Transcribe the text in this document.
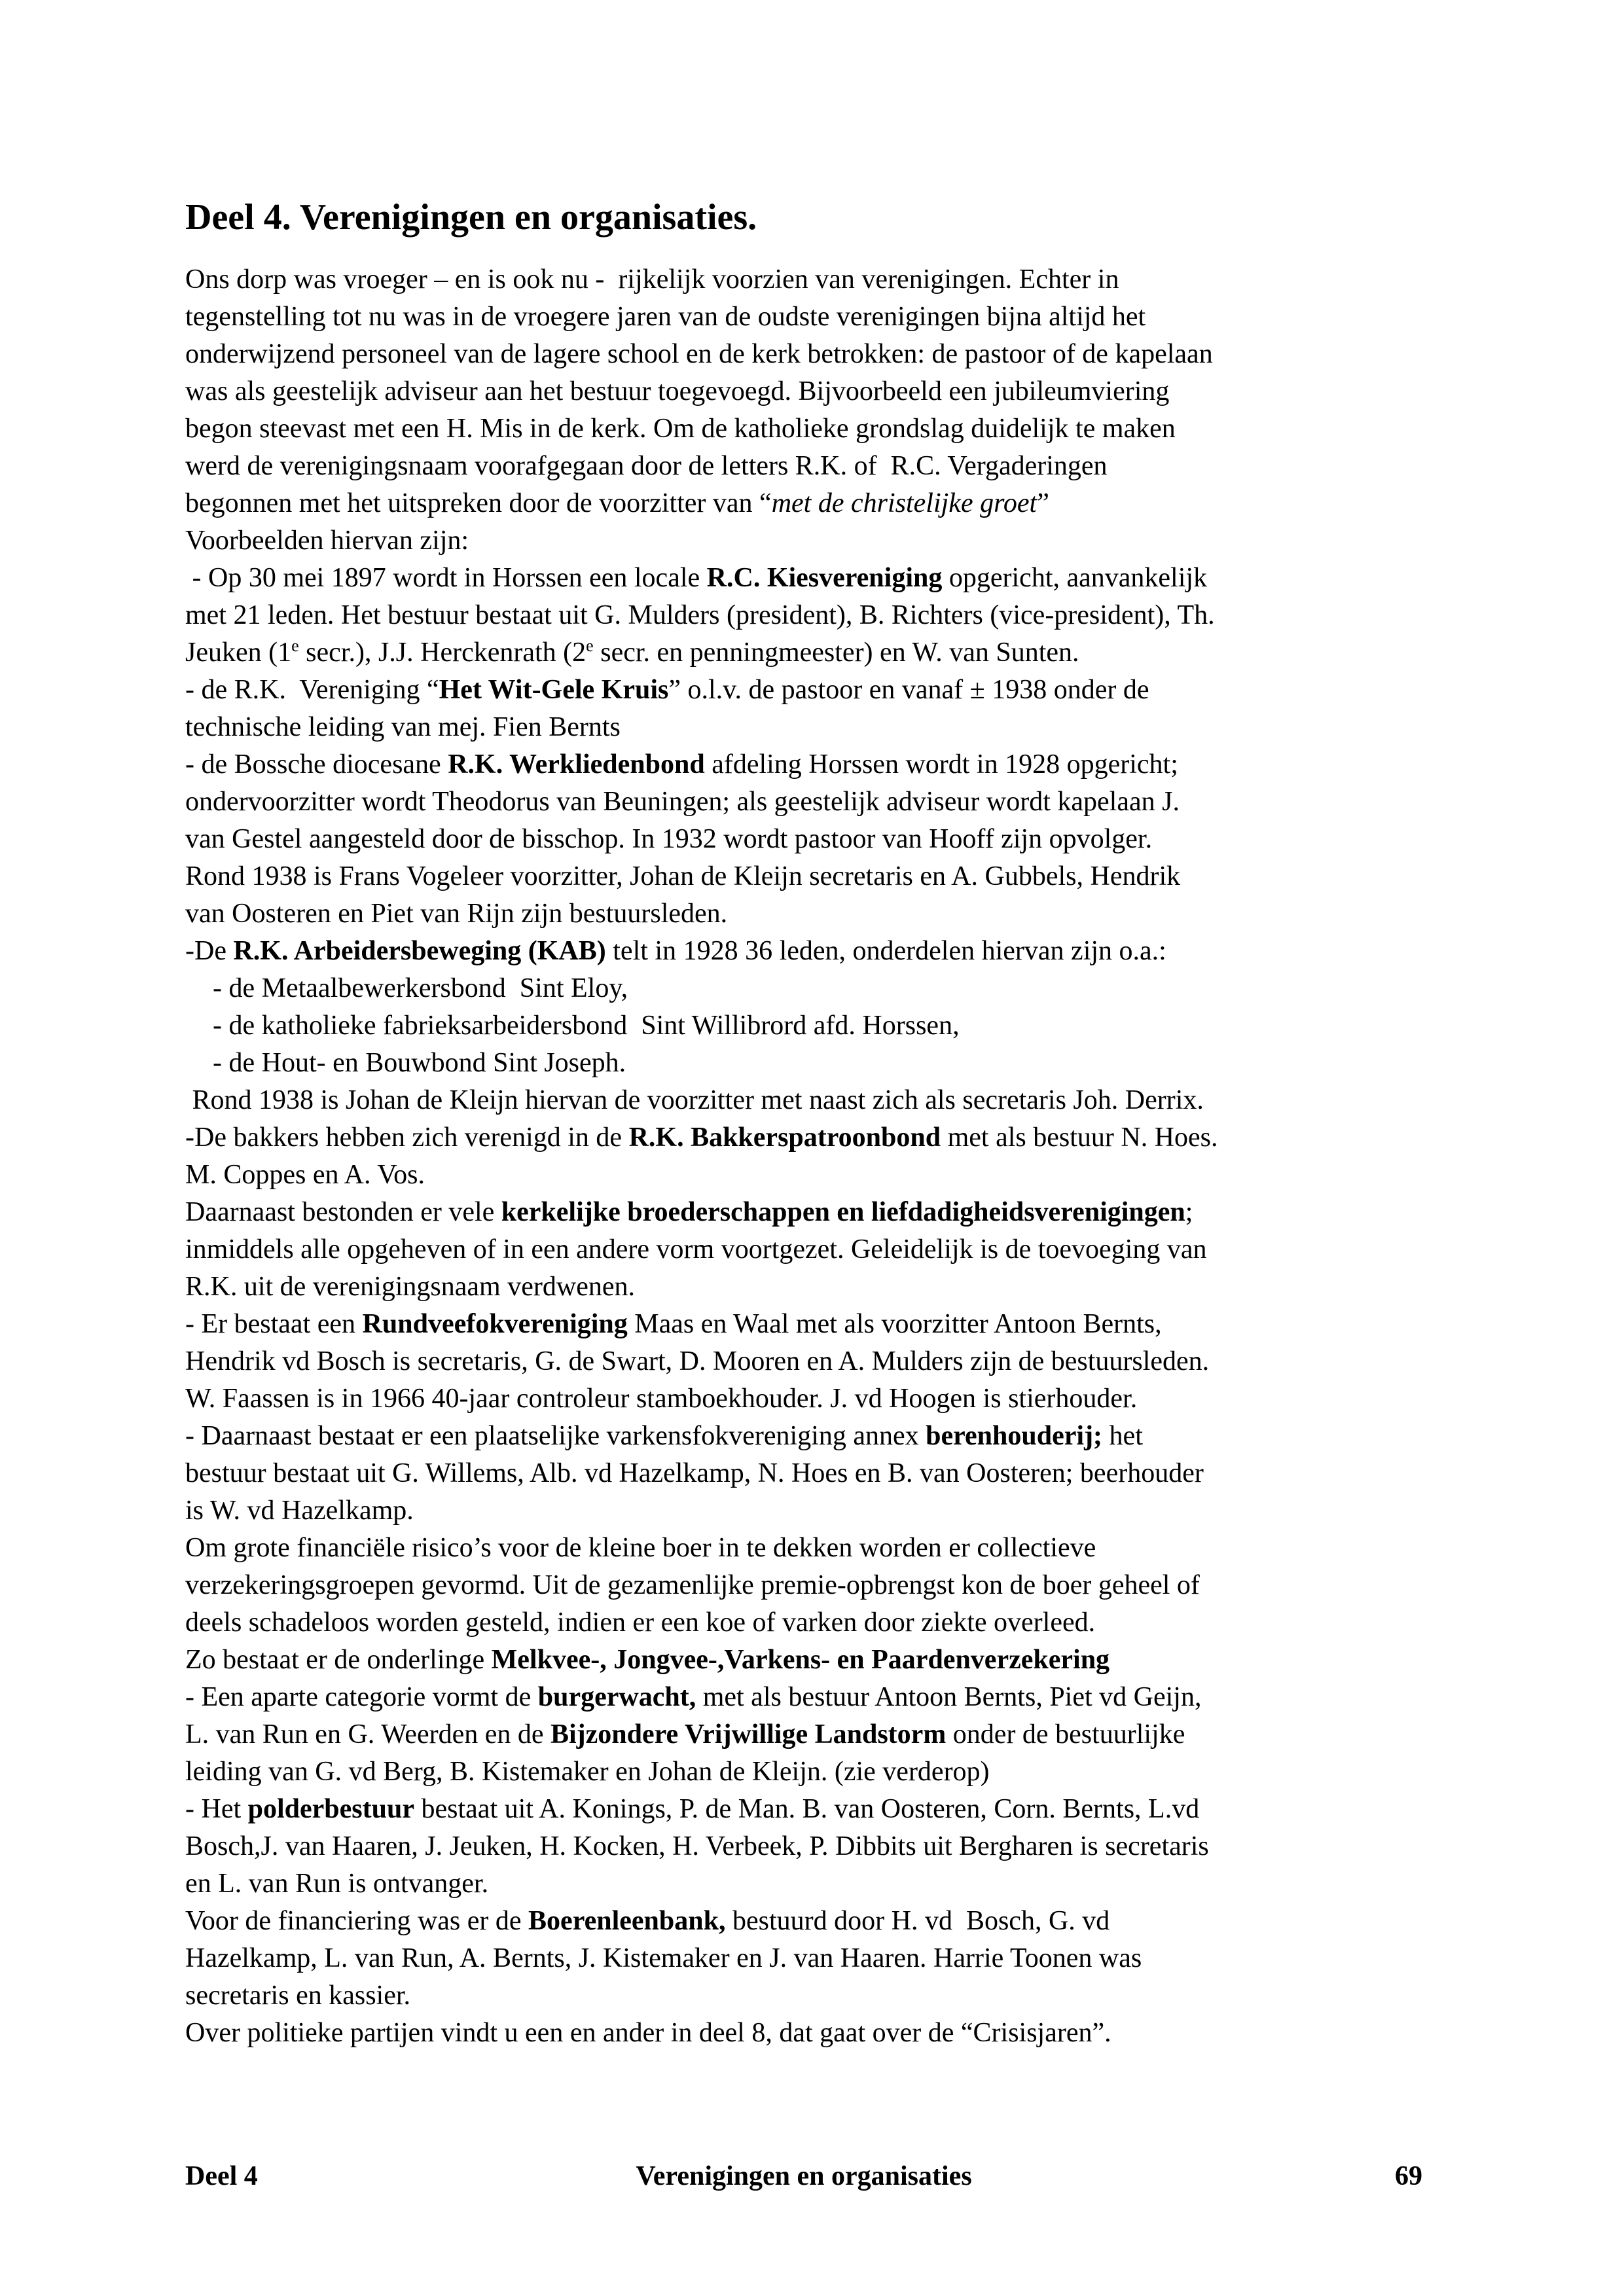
Deel 4. Verenigingen en organisaties.
Ons dorp was vroeger – en is ook nu -  rijkelijk voorzien van verenigingen. Echter in
tegenstelling tot nu was in de vroegere jaren van de oudste verenigingen bijna altijd het
onderwijzend personeel van de lagere school en de kerk betrokken: de pastoor of de kapelaan
was als geestelijk adviseur aan het bestuur toegevoegd. Bijvoorbeeld een jubileumviering
begon steevast met een H. Mis in de kerk. Om de katholieke grondslag duidelijk te maken
werd de verenigingsnaam voorafgegaan door de letters R.K. of  R.C. Vergaderingen
begonnen met het uitspreken door de voorzitter van “met de christelijke groet”
Voorbeelden hiervan zijn:
- Op 30 mei 1897 wordt in Horssen een locale R.C. Kiesvereniging opgericht, aanvankelijk
met 21 leden. Het bestuur bestaat uit G. Mulders (president), B. Richters (vice-president), Th.
Jeuken (1e secr.), J.J. Herckenrath (2e secr. en penningmeester) en W. van Sunten.
- de R.K.  Vereniging “Het Wit-Gele Kruis” o.l.v. de pastoor en vanaf ± 1938 onder de
technische leiding van mej. Fien Bernts
- de Bossche diocesane R.K. Werkliedenbond afdeling Horssen wordt in 1928 opgericht;
ondervoorzitter wordt Theodorus van Beuningen; als geestelijk adviseur wordt kapelaan J.
van Gestel aangesteld door de bisschop. In 1932 wordt pastoor van Hooff zijn opvolger.
Rond 1938 is Frans Vogeleer voorzitter, Johan de Kleijn secretaris en A. Gubbels, Hendrik
van Oosteren en Piet van Rijn zijn bestuursleden.
-De R.K. Arbeidersbeweging (KAB) telt in 1928 36 leden, onderdelen hiervan zijn o.a.:
- de Metaalbewerkersbond  Sint Eloy,
- de katholieke fabrieksarbeidersbond  Sint Willibrord afd. Horssen,
- de Hout- en Bouwbond Sint Joseph.
Rond 1938 is Johan de Kleijn hiervan de voorzitter met naast zich als secretaris Joh. Derrix.
-De bakkers hebben zich verenigd in de R.K. Bakkerspatroonbond met als bestuur N. Hoes.
M. Coppes en A. Vos.
Daarnaast bestonden er vele kerkelijke broederschappen en liefdadigheidsverenigingen;
inmiddels alle opgeheven of in een andere vorm voortgezet. Geleidelijk is de toevoeging van
R.K. uit de verenigingsnaam verdwenen.
- Er bestaat een Rundveefokvereniging Maas en Waal met als voorzitter Antoon Bernts,
Hendrik vd Bosch is secretaris, G. de Swart, D. Mooren en A. Mulders zijn de bestuursleden.
W. Faassen is in 1966 40-jaar controleur stamboekhouder. J. vd Hoogen is stierhouder.
- Daarnaast bestaat er een plaatselijke varkensfokvereniging annex berenhouderij; het
bestuur bestaat uit G. Willems, Alb. vd Hazelkamp, N. Hoes en B. van Oosteren; beerhouder
is W. vd Hazelkamp.
Om grote financiële risico’s voor de kleine boer in te dekken worden er collectieve
verzekeringsgroepen gevormd. Uit de gezamenlijke premie-opbrengst kon de boer geheel of
deels schadeloos worden gesteld, indien er een koe of varken door ziekte overleed.
Zo bestaat er de onderlinge Melkvee-, Jongvee-,Varkens- en Paardenverzekering
- Een aparte categorie vormt de burgerwacht, met als bestuur Antoon Bernts, Piet vd Geijn,
L. van Run en G. Weerden en de Bijzondere Vrijwillige Landstorm onder de bestuurlijke
leiding van G. vd Berg, B. Kistemaker en Johan de Kleijn. (zie verderop)
- Het polderbestuur bestaat uit A. Konings, P. de Man. B. van Oosteren, Corn. Bernts, L.vd
Bosch,J. van Haaren, J. Jeuken, H. Kocken, H. Verbeek, P. Dibbits uit Bergharen is secretaris
en L. van Run is ontvanger.
Voor de financiering was er de Boerenleenbank, bestuurd door H. vd  Bosch, G. vd
Hazelkamp, L. van Run, A. Bernts, J. Kistemaker en J. van Haaren. Harrie Toonen was
secretaris en kassier.
Over politieke partijen vindt u een en ander in deel 8, dat gaat over de “Crisisjaren”.
Deel 4	Verenigingen en organisaties	69
